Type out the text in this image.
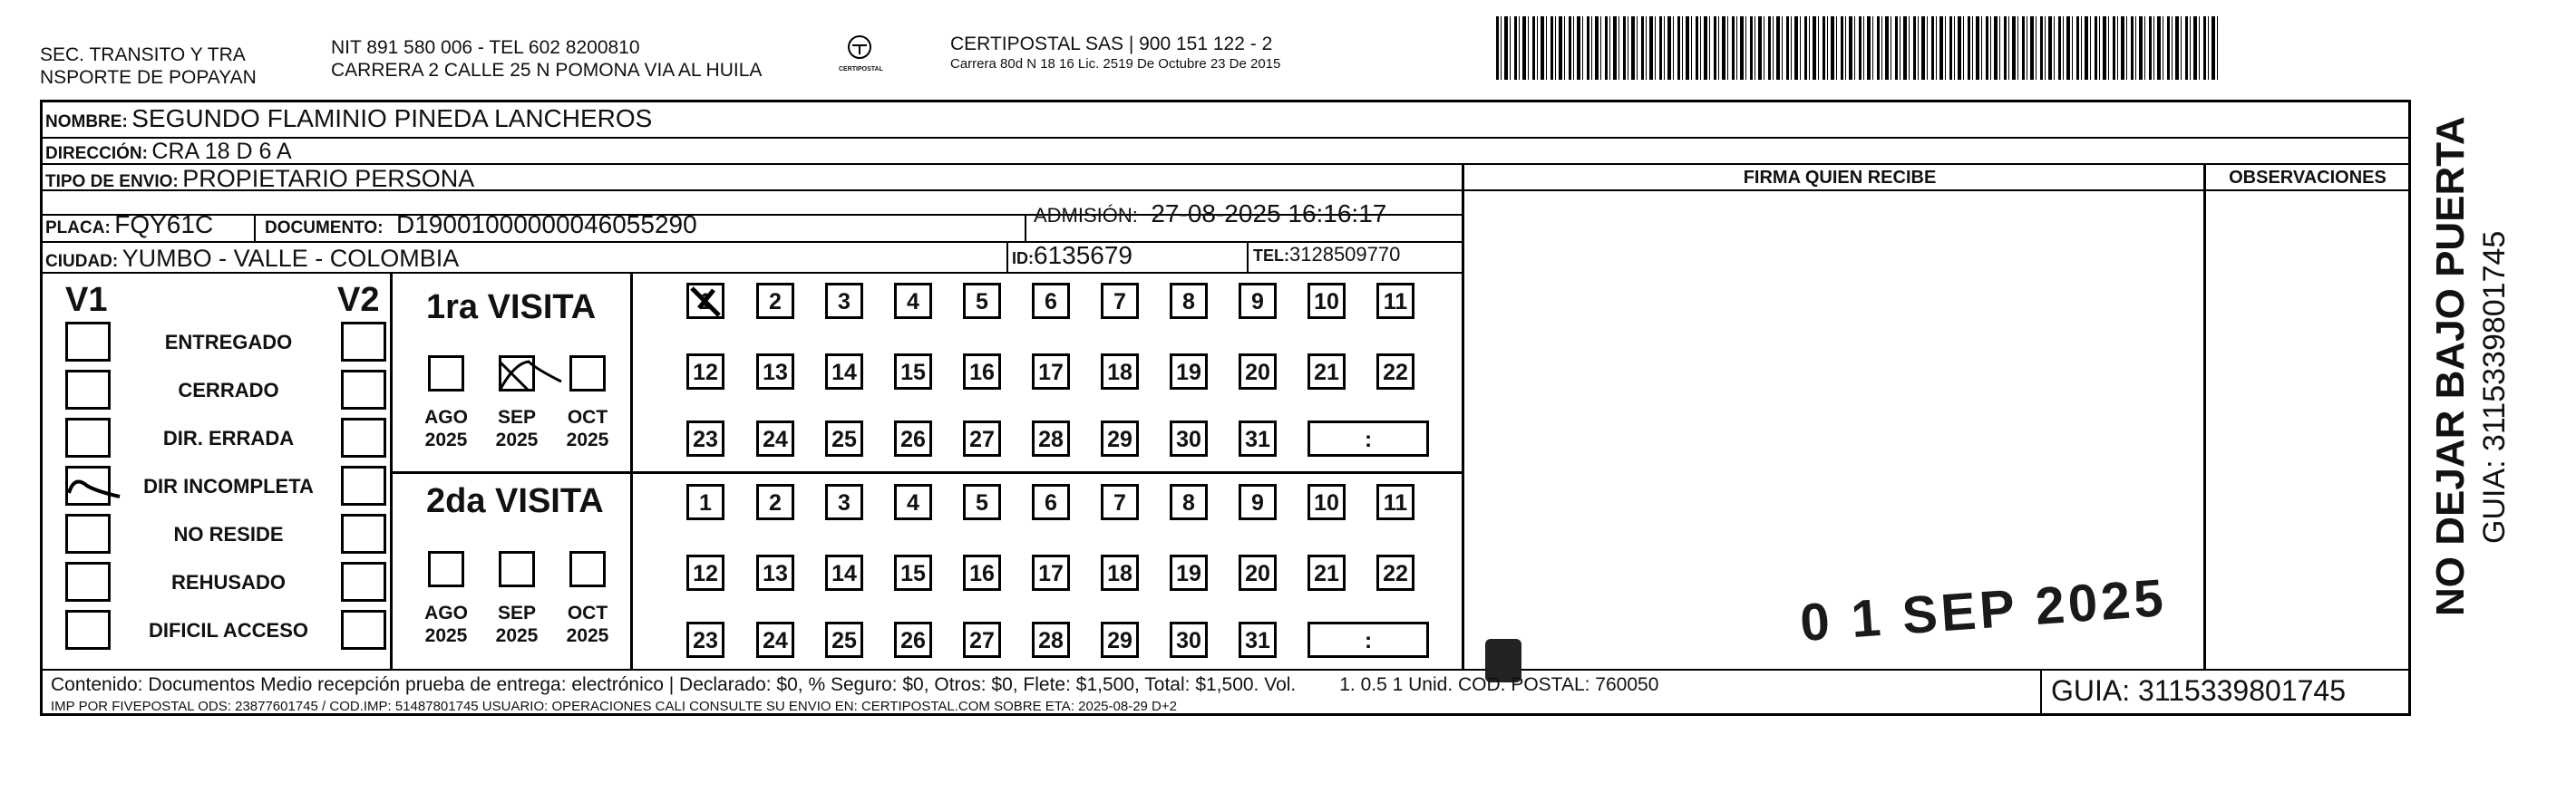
SEC. TRANSITO Y TRA
NSPORTE DE POPAYAN
NIT 891 580 006 - TEL 602 8200810
CARRERA 2 CALLE 25 N POMONA VIA AL HUILA	CERTIPOSTAL
CERTIPOSTAL SAS | 900 151 122 - 2
Carrera 80d N 18 16 Lic. 2519 De Octubre 23 De 2015
NOMBRE: SEGUNDO FLAMINIO PINEDA LANCHEROS
DIRECCIÓN: CRA 18 D 6 A
TIPO DE ENVIO: PROPIETARIO PERSONA	FIRMA QUIEN RECIBE	OBSERVACIONES
PLACA: FQY61C	DOCUMENTO: D19001000000046055290	ADMISIÓN: 27-08-2025 16:16:17
CIUDAD: YUMBO - VALLE - COLOMBIA	ID:6135679	TEL:3128509770
V1	V2
ENTREGADO
CERRADO
DIR. ERRADA
DIR INCOMPLETA
NO RESIDE
REHUSADO
DIFICIL ACCESO
1ra VISITA
2da VISITA
AGO
2025
SEP
2025
OCT
2025
AGO
2025
SEP
2025
OCT
2025
1	2	3	4	5	6	7	8	9	10	11
12 13 14 15 16 17 18 19 20 21 22
23 24 25 26 27 28 29 30 31	:
1	2	3	4	5	6	7	8	9	10	11
12 13 14 15 16 17 18 19 20 21 22
23 24 25 26 27 28 29 30 31	:	0 1 SEP 2025
Contenido: Documentos Medio recepción prueba de entrega: electrónico | Declarado: $0, % Seguro: $0, Otros: $0, Flete: $1,500, Total: $1,500. Vol. 1. 0.5 1 Unid. COD. POSTAL: 760050
IMP POR FIVEPOSTAL ODS: 23877601745 / COD.IMP: 51487801745 USUARIO: OPERACIONES CALI CONSULTE SU ENVIO EN: CERTIPOSTAL.COM SOBRE ETA: 2025-08-29 D+2	GUIA: 3115339801745
NO DEJAR BAJO PUERTA GUIA: 3115339801745
